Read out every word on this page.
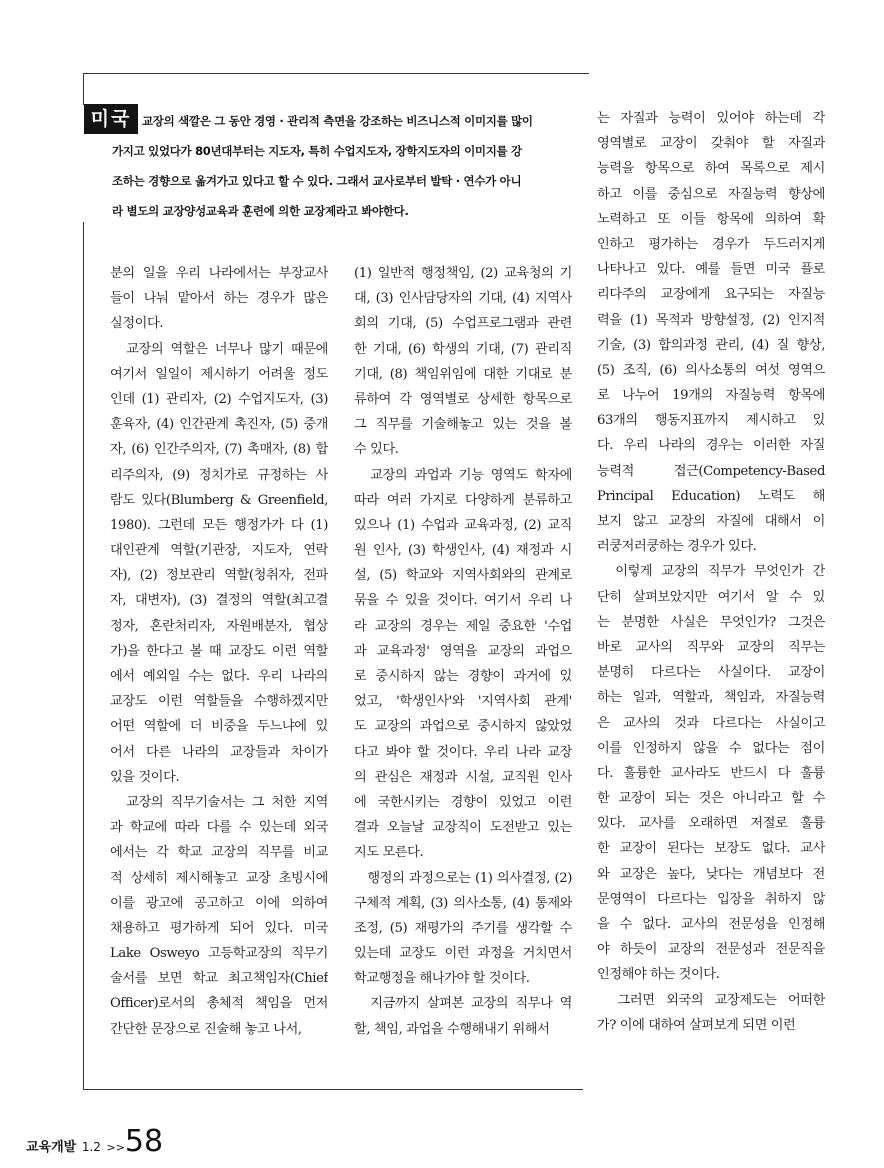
교장의 색깔은 그 동안 경영 · 관리적 측면을 강조하는 비즈니스적 이미지를 많이
가지고 있었다가 80년대부터는 지도자, 특히 수업지도자, 장학지도자의 이미지를 강
조하는 경향으로 옮겨가고 있다고 할 수 있다. 그래서 교사로부터 발탁 · 연수가 아니
라 별도의 교장양성교육과 훈련에 의한 교장제라고 봐야한다.
미국
분의 일을 우리 나라에서는 부장교사
들이 나눠 맡아서 하는 경우가 많은
실정이다.
　교장의 역할은 너무나 많기 때문에
여기서 일일이 제시하기 어려울 정도
인데 (1) 관리자, (2) 수업지도자, (3)
훈육자, (4) 인간관계 촉진자, (5) 중개
자, (6) 인간주의자, (7) 촉매자, (8) 합
리주의자, (9) 정치가로 규정하는 사
람도 있다(Blumberg & Greenfield,
1980). 그런데 모든 행정가가 다 (1)
대인관계 역할(기관장, 지도자, 연락
자), (2) 정보관리 역할(청취자, 전파
자, 대변자), (3) 결정의 역할(최고결
정자, 혼란처리자, 자원배분자, 협상
가)을 한다고 볼 때 교장도 이런 역할
에서 예외일 수는 없다. 우리 나라의
교장도 이런 역할들을 수행하겠지만
어떤 역할에 더 비중을 두느냐에 있
어서 다른 나라의 교장들과 차이가
있을 것이다.
　교장의 직무기술서는 그 처한 지역
과 학교에 따라 다를 수 있는데 외국
에서는 각 학교 교장의 직무를 비교
적 상세히 제시해놓고 교장 초빙시에
이를 광고에 공고하고 이에 의하여
채용하고 평가하게 되어 있다. 미국
Lake Osweyo 고등학교장의 직무기
술서를 보면 학교 최고책임자(Chief
Officer)로서의 총체적 책임을 먼저
간단한 문장으로 진술해 놓고 나서,
(1) 일반적 행정책임, (2) 교육청의 기
대, (3) 인사담당자의 기대, (4) 지역사
회의 기대, (5) 수업프로그램과 관련
한 기대, (6) 학생의 기대, (7) 관리직
기대, (8) 책임위임에 대한 기대로 분
류하여 각 영역별로 상세한 항목으로
그 직무를 기술해놓고 있는 것을 볼
수 있다.
　교장의 과업과 기능 영역도 학자에
따라 여러 가지로 다양하게 분류하고
있으나 (1) 수업과 교육과정, (2) 교직
원 인사, (3) 학생인사, (4) 재정과 시
설, (5) 학교와 지역사회와의 관계로
묶을 수 있을 것이다. 여기서 우리 나
라 교장의 경우는 제일 중요한 '수업
과 교육과정' 영역을 교장의 과업으
로 중시하지 않는 경향이 과거에 있
었고, '학생인사'와 '지역사회 관계'
도 교장의 과업으로 중시하지 않았었
다고 봐야 할 것이다. 우리 나라 교장
의 관심은 재정과 시설, 교직원 인사
에 국한시키는 경향이 있었고 이런
결과 오늘날 교장직이 도전받고 있는
지도 모른다.
　행정의 과정으로는 (1) 의사결정, (2)
구체적 계획, (3) 의사소통, (4) 통제와
조정, (5) 재평가의 주기를 생각할 수
있는데 교장도 이런 과정을 거치면서
학교행정을 해나가야 할 것이다.
　지금까지 살펴본 교장의 직무나 역
할, 책임, 과업을 수행해내기 위해서
는 자질과 능력이 있어야 하는데 각
영역별로 교장이 갖춰야 할 자질과
능력을 항목으로 하여 목록으로 제시
하고 이를 중심으로 자질능력 향상에
노력하고 또 이들 항목에 의하여 확
인하고 평가하는 경우가 두드러지게
나타나고 있다. 예를 들면 미국 플로
리다주의 교장에게 요구되는 자질능
력을 (1) 목적과 방향설정, (2) 인지적
기술, (3) 합의과정 관리, (4) 질 향상,
(5) 조직, (6) 의사소통의 여섯 영역으
로 나누어 19개의 자질능력 항목에
63개의 행동지표까지 제시하고 있
다. 우리 나라의 경우는 이러한 자질
능력적 접근(Competency-Based
Principal Education) 노력도 해
보지 않고 교장의 자질에 대해서 이
러쿵저러쿵하는 경우가 있다.
　이렇게 교장의 직무가 무엇인가 간
단히 살펴보았지만 여기서 알 수 있
는 분명한 사실은 무엇인가? 그것은
바로 교사의 직무와 교장의 직무는
분명히 다르다는 사실이다. 교장이
하는 일과, 역할과, 책임과, 자질능력
은 교사의 것과 다르다는 사실이고
이를 인정하지 않을 수 없다는 점이
다. 훌륭한 교사라도 반드시 다 훌륭
한 교장이 되는 것은 아니라고 할 수
있다. 교사를 오래하면 저절로 훌륭
한 교장이 된다는 보장도 없다. 교사
와 교장은 높다, 낮다는 개념보다 전
문영역이 다르다는 입장을 취하지 않
을 수 없다. 교사의 전문성을 인정해
야 하듯이 교장의 전문성과 전문직을
인정해야 하는 것이다.
　그러면 외국의 교장제도는 어떠한
가? 이에 대하여 살펴보게 되면 이런
교육개발 1.2 >>58
